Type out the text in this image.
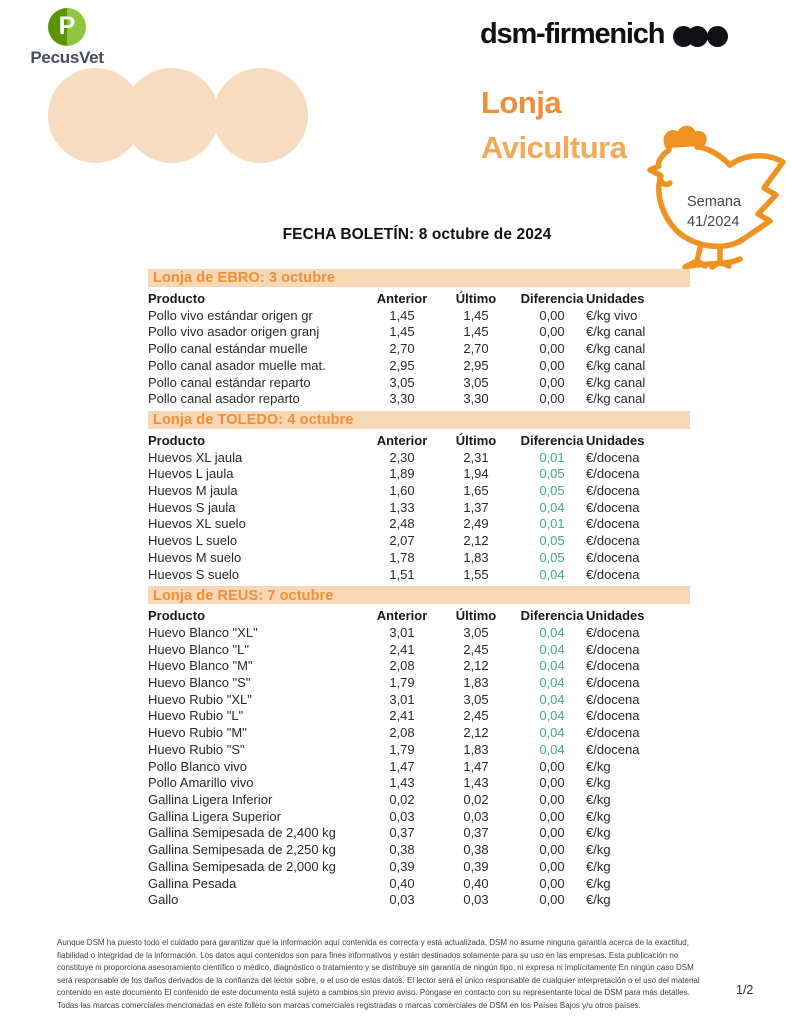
P
PecusVet
dsm-firmenich
Lonja
Avicultura
Semana
41/2024
FECHA BOLETÍN: 8 octubre de 2024
Lonja de EBRO: 3 octubre
Producto	Anterior	Último	Diferencia	Unidades
Pollo vivo estándar origen gr	1,45	1,45	0,00	€/kg vivo
Pollo vivo asador origen granj	1,45	1,45	0,00	€/kg canal
Pollo canal estándar muelle	2,70	2,70	0,00	€/kg canal
Pollo canal asador muelle mat.	2,95	2,95	0,00	€/kg canal
Pollo canal estándar reparto	3,05	3,05	0,00	€/kg canal
Pollo canal asador reparto	3,30	3,30	0,00	€/kg canal
Lonja de TOLEDO: 4 octubre
Producto	Anterior	Último	Diferencia	Unidades
Huevos XL jaula	2,30	2,31	0,01	€/docena
Huevos L jaula	1,89	1,94	0,05	€/docena
Huevos M jaula	1,60	1,65	0,05	€/docena
Huevos S jaula	1,33	1,37	0,04	€/docena
Huevos XL suelo	2,48	2,49	0,01	€/docena
Huevos L suelo	2,07	2,12	0,05	€/docena
Huevos M suelo	1,78	1,83	0,05	€/docena
Huevos S suelo	1,51	1,55	0,04	€/docena
Lonja de REUS: 7 octubre
Producto	Anterior	Último	Diferencia	Unidades
Huevo Blanco "XL"	3,01	3,05	0,04	€/docena
Huevo Blanco "L"	2,41	2,45	0,04	€/docena
Huevo Blanco "M"	2,08	2,12	0,04	€/docena
Huevo Blanco "S"	1,79	1,83	0,04	€/docena
Huevo Rubio "XL"	3,01	3,05	0,04	€/docena
Huevo Rubio "L"	2,41	2,45	0,04	€/docena
Huevo Rubio "M"	2,08	2,12	0,04	€/docena
Huevo Rubio "S"	1,79	1,83	0,04	€/docena
Pollo Blanco vivo	1,47	1,47	0,00	€/kg
Pollo Amarillo vivo	1,43	1,43	0,00	€/kg
Gallina Ligera Inferior	0,02	0,02	0,00	€/kg
Gallina Ligera Superior	0,03	0,03	0,00	€/kg
Gallina Semipesada de 2,400 kg	0,37	0,37	0,00	€/kg
Gallina Semipesada de 2,250 kg	0,38	0,38	0,00	€/kg
Gallina Semipesada de 2,000 kg	0,39	0,39	0,00	€/kg
Gallina Pesada	0,40	0,40	0,00	€/kg
Gallo	0,03	0,03	0,00	€/kg
Aunque DSM ha puesto todo el cuidado para garantizar que la información aquí contenida es correcta y está actualizada, DSM no asume ninguna garantía acerca de la exactitud, fiabilidad o integridad de la información. Los datos aquí contenidos son para fines informativos y están destinados solamente para su uso en las empresas. Esta publicación no constituye ni proporciona asesoramiento científico o médico, diagnóstico o tratamiento y se distribuye sin garantía de ningún tipo, ni expresa ni implícitamente En ningún caso DSM será responsable de los daños derivados de la confianza del lector sobre, o el uso de estos datos. El lector será el único responsable de cualquier interpretación o el uso del material contenido en este documento El contenido de este documento está sujeto a cambios sin previo aviso. Póngase en contacto con su representante local de DSM para más detalles. Todas las marcas comerciales mencionadas en este folleto son marcas comerciales registradas o marcas comerciales de DSM en los Países Bajos y/u otros países.
1/2
